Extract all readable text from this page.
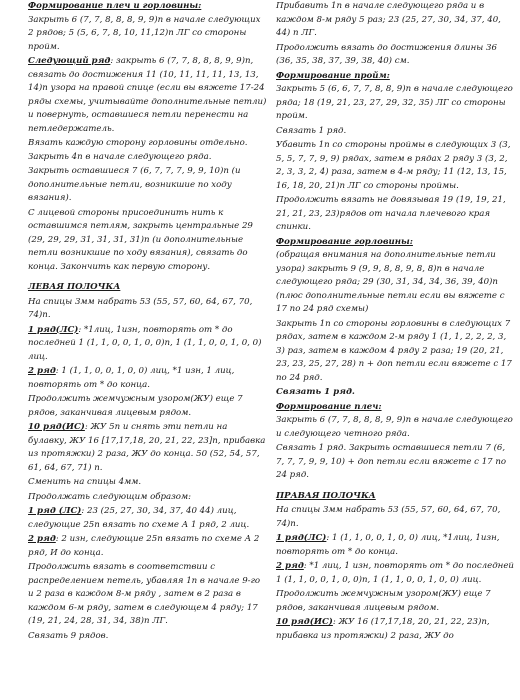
Формирование плеч и горловины:
Закрыть 6 (7, 7, 8, 8, 8, 9, 9)п в начале следующих 2 рядов; 5 (5, 6, 7, 8, 10, 11,12)п ЛГ со стороны пройм.

Следующий ряд: закрыть 6 (7, 7, 8, 8, 8, 9, 9)п, связать до достижения 11 (10, 11, 11, 11, 13, 13, 14)п узора на правой спице (если вы вяжете 17-24 ряды схемы, учитывайте дополнительные петли) и повернуть, оставшиеся петли перенести на петледержатель.

Вязать каждую сторону горловины отдельно. Закрыть 4п в начале следующего ряда.

Закрыть оставшиеся 7 (6, 7, 7, 7, 9, 9, 10)п (и дополнительные петли, возникшие по ходу вязания).

С лицевой стороны присоединить нить к оставшимся петлям, закрыть центральные 29 (29, 29, 29, 31, 31, 31, 31)п (и дополнительные петли возникшие по ходу вязания), связать до конца. Закончить как первую сторону.

ЛЕВАЯ ПОЛОЧКА

На спицы 3мм набрать 53 (55, 57, 60, 64, 67, 70, 74)п.

1 ряд(ЛС): *1лиц, 1изн, повторять от * до последней 1 (1, 1, 0, 0, 1, 0, 0)п, 1 (1, 1, 0, 0, 1, 0, 0) лиц.

2 ряд: 1 (1, 1, 0, 0, 1, 0, 0) лиц, *1 изн, 1 лиц, повторять от * до конца.

Продолжить жемчужным узором(ЖУ) еще 7 рядов, заканчивая лицевым рядом.

10 ряд(ИС): ЖУ 5п и снять эти петли на булавку, ЖУ 16 [17,17,18, 20, 21, 22, 23]п, прибавка из протяжки) 2 раза, ЖУ до конца. 50 (52, 54, 57, 61, 64, 67, 71) п.

Сменить на спицы 4мм.

Продолжать следующим образом:

1 ряд (ЛС): 23 (25, 27, 30, 34, 37, 40 44) лиц, следующие 25п вязать по схеме А 1 ряд, 2 лиц.

2 ряд: 2 изн, следующие 25п вязать по схеме А 2 ряд, И до конца.

Продолжить вязать в соответствии с распределением петель, убавляя 1п в начале 9-го и 2 раза в каждом 8-м ряду , затем в 2 раза в каждом 6-м ряду, затем в следующем 4 ряду; 17 (19, 21, 24, 28, 31, 34, 38)п ЛГ.

Связать 9 рядов.

Прибавить 1п в начале следующего ряда и в каждом 8-м ряду 5 раз; 23 (25, 27, 30, 34, 37, 40, 44) п ЛГ.

Продолжить вязать до достижения длины 36 (36, 35, 38, 37, 39, 38, 40) см.

Формирование пройм:
Закрыть 5 (6, 6, 7, 7, 8, 8, 9)п в начале следующего ряда; 18 (19, 21, 23, 27, 29, 32, 35) ЛГ со стороны пройм.

Связать 1 ряд.

Убавить 1п со стороны проймы в следующих 3 (3, 5, 5, 7, 7, 9, 9) рядах, затем в рядах 2 ряду 3 (3, 2, 2, 3, 3, 2, 4) раза, затем в 4-м ряду; 11 (12, 13, 15, 16, 18, 20, 21)п ЛГ со стороны проймы.

Продолжить вязать не довязывая 19 (19, 19, 21, 21, 21, 23, 23)рядов от начала плечевого края спинки.

Формирование горловины:
(обращая внимания на дополнительные петли узора) закрыть 9 (9, 9, 8, 8, 9, 8, 8)п в начале следующего ряда; 29 (30, 31, 34, 34, 36, 39, 40)п (плюс дополнительные петли если вы вяжете с 17 по 24 ряд схемы)

Закрыть 1п со стороны горловины в следующих 7 рядах, затем в каждом 2-м ряду 1 (1, 1, 2, 2, 2, 3, 3) раз, затем в каждом 4 ряду 2 раза; 19 (20, 21, 23, 23, 25, 27, 28) п + доп петли если вяжете с 17 по 24 ряд.

Связать 1 ряд.

Формирование плеч:
Закрыть 6 (7, 7, 8, 8, 8, 9, 9)п в начале следующего и следующего четного ряда.

Связать 1 ряд. Закрыть оставшиеся петли 7 (6, 7, 7, 7, 9, 9, 10) + доп петли если вяжете с 17 по 24 ряд.

ПРАВАЯ ПОЛОЧКА

На спицы 3мм набрать 53 (55, 57, 60, 64, 67, 70, 74)п.

1 ряд(ЛС): 1 (1, 1, 0, 0, 1, 0, 0) лиц, *1лиц, 1изн, повторять от * до конца.

2 ряд: *1 лиц, 1 изн, повторять от * до последней 1 (1, 1, 0, 0, 1, 0, 0)п, 1 (1, 1, 0, 0, 1, 0, 0) лиц.

Продолжить жемчужным узором(ЖУ) еще 7 рядов, заканчивая лицевым рядом.

10 ряд(ИС): ЖУ 16 (17,17,18, 20, 21, 22, 23)п, прибавка из протяжки) 2 раза, ЖУ до
